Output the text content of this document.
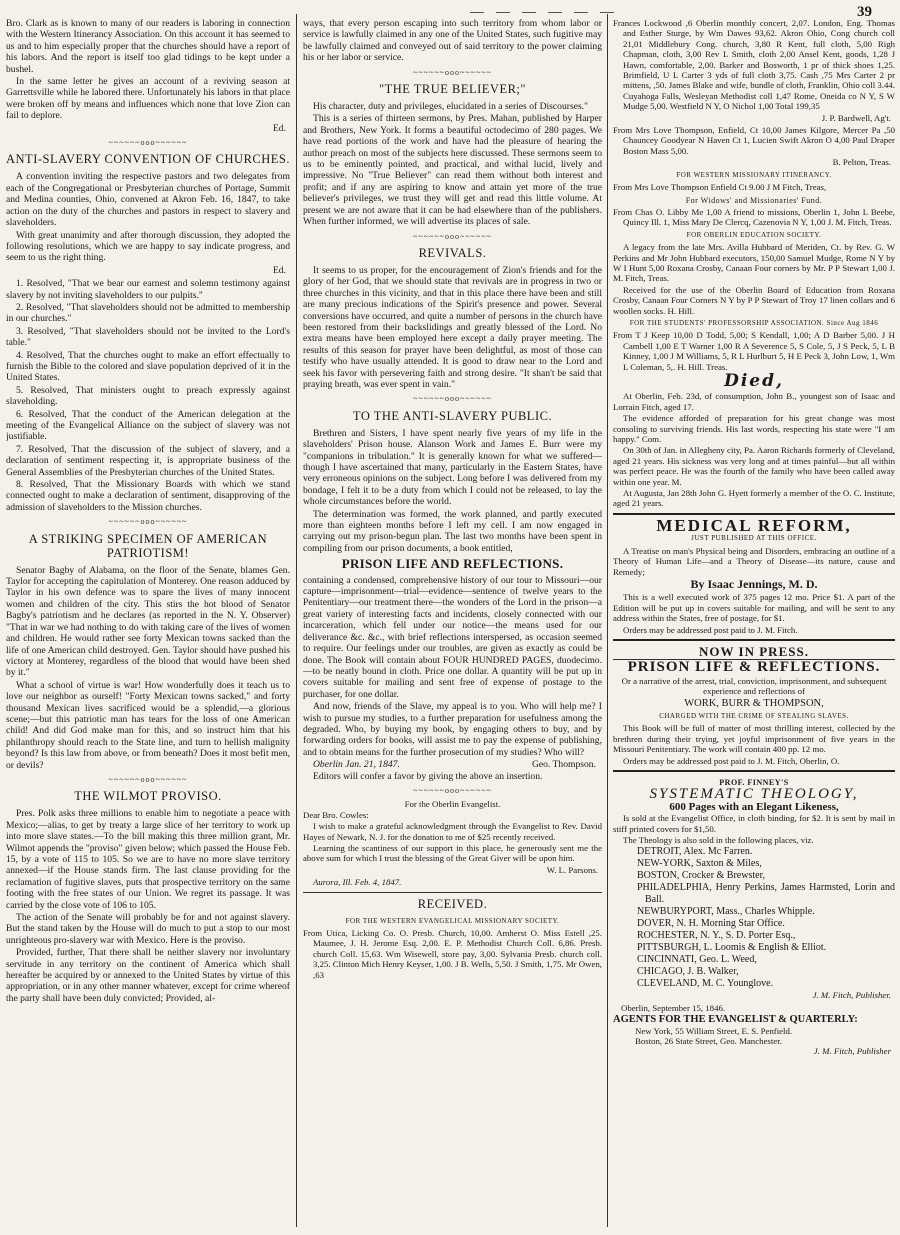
39

Bro. Clark as is known to many of our readers is laboring in connection with the Western Itinerancy Association. On this account it has seemed to us and to him especially proper that the churches should have a report of his labors. And the report is itself too glad tidings to be kept under a bushel.

In the same letter he gives an account of a reviving season at Garrettsville while he labored there. Unfortunately his labors in that place were broken off by means and influences which none that love Zion can fail to deplore.

Ed.
~~~~~~ooo~~~~~~
ANTI-SLAVERY CONVENTION OF CHURCHES.

A convention inviting the respective pastors and two delegates from each of the Congregational or Presbyterian churches of Portage, Summit and Medina counties, Ohio, convened at Akron Feb. 16, 1847, to take action on the duty of the churches and pastors in respect to slavery and slaveholders.

With great unanimity and after thorough discussion, they adopted the following resolutions, which we are happy to say indicate progress, and seem to us the right thing.

Ed.

1. Resolved, "That we bear our earnest and solemn testimony against slavery by not inviting slaveholders to our pulpits."

2. Resolved, "That slaveholders should not be admitted to membership in our churches."

3. Resolved, "That slaveholders should not be invited to the Lord's table."

4. Resolved, That the churches ought to make an effort effectually to furnish the Bible to the colored and slave population deprived of it in the United States.

5. Resolved, That ministers ought to preach expressly against slaveholding.

6. Resolved, That the conduct of the American delegation at the meeting of the Evangelical Alliance on the subject of slavery was not justifiable.

7. Resolved, That the discussion of the subject of slavery, and a declaration of sentiment respecting it, is appropriate business of the General Assemblies of the Presbyterian churches of the United States.

8. Resolved, That the Missionary Boards with which we stand connected ought to make a declaration of sentiment, disapproving of the admission of slaveholders to the Mission churches.

~~~~~~ooo~~~~~~
A STRIKING SPECIMEN OF AMERICAN PATRIOTISM!

Senator Bagby of Alabama, on the floor of the Senate, blames Gen. Taylor for accepting the capitulation of Monterey. One reason adduced by Taylor in his own defence was to spare the lives of many innocent women and children of the city. This stirs the hot blood of Senator Bagby's patriotism and he declares (as reported in the N. Y. Observer) "That in war we had nothing to do with taking care of the lives of women and children. He would rather see forty Mexican towns sacked than the life of one American child destroyed. Gen. Taylor should have pushed his victory at Monterey, regardless of the blood that would have been shed by it."

What a school of virtue is war! How wonderfully does it teach us to love our neighbor as ourself! "Forty Mexican towns sacked," and forty thousand Mexican lives sacrificed would be a splendid,—a glorious scene;—but this patriotic man has tears for the loss of one American child! And did God make man for this, and so instruct him that his philanthropy should reach to the State line, and turn to hellish malignity beyond? Is this law from above, or from beneath? Does it most befit men, or devils?

~~~~~~ooo~~~~~~
THE WILMOT PROVISO.

Pres. Polk asks three millions to enable him to negotiate a peace with Mexico;—alias, to get by treaty a large slice of her territory to work up into more slave states.—To the bill making this three million grant, Mr. Wilmot appends the "proviso" given below; which passed the House Feb. 15, by a vote of 115 to 105. So we are to have no more slave territory annexed—if the House stands firm. The last clause providing for the reclamation of fugitive slaves, puts that prospective territory on the same footing with the free states of our Union. We regret its passage. It was carried by the close vote of 106 to 105.

The action of the Senate will probably be for and not against slavery. But the stand taken by the House will do much to put a stop to our most unrighteous pro-slavery war with Mexico. Here is the proviso.

Provided, further, That there shall be neither slavery nor involuntary servitude in any territory on the continent of America which shall hereafter be acquired by or annexed to the United States by virtue of this appropriation, or in any other manner whatever, except for crime whereof the party shall have been duly convicted; Provided, al-

ways, that every person escaping into such territory from whom labor or service is lawfully claimed in any one of the United States, such fugitive may be lawfully claimed and conveyed out of said territory to the power claiming his or her labor or service.

~~~~~~ooo~~~~~~
"THE TRUE BELIEVER;"

His character, duty and privileges, elucidated in a series of Discourses."

This is a series of thirteen sermons, by Pres. Mahan, published by Harper and Brothers, New York. It forms a beautiful octodecimo of 280 pages. We have read portions of the work and have had the pleasure of hearing the author preach on most of the subjects here discussed. These sermons seem to us to be eminently pointed, and practical, and withal lucid, lively and impressive. No "True Believer" can read them without both interest and profit; and if any are aspiring to know and attain yet more of the true believer's privileges, we trust they will get and read this little volume. At present we are not aware that it can be had elsewhere than of the publishers. When further informed, we will advertise its places of sale.

~~~~~~ooo~~~~~~
REVIVALS.

It seems to us proper, for the encouragement of Zion's friends and for the glory of her God, that we should state that revivals are in progress in two or three churches in this vicinity, and that in this place there have been and still are many precious indications of the Spirit's presence and power. Several conversions have occurred, and quite a number of persons in the church have been restored from their backslidings and greatly blessed of the Lord. No extra means have been employed here except a daily prayer meeting. The results of this season for prayer have been delightful, as most of those can testify who have usually attended. It is good to draw near to the Lord and seek his favor with persevering faith and strong desire. "It shan't be said that praying breath, was ever spent in vain."

~~~~~~ooo~~~~~~
TO THE ANTI-SLAVERY PUBLIC.

Brethren and Sisters, I have spent nearly five years of my life in the slaveholders' Prison house. Alanson Work and James E. Burr were my "companions in tribulation." It is generally known for what we suffered—though I have ascertained that many, particularly in the Eastern States, have very erroneous opinions on the subject. Long before I was delivered from my bondage, I felt it to be a duty from which I could not be released, to lay the whole circumstances before the world.

The determination was formed, the work planned, and partly executed more than eighteen months before I left my cell. I am now engaged in carrying out my prison-begun plan. The last two months have been spent in compiling from our prison documents, a book entitled,

PRISON LIFE AND REFLECTIONS.

containing a condensed, comprehensive history of our tour to Missouri—our capture—imprisonment—trial—evidence—sentence of twelve years to the Penitentiary—our treatment there—the wonders of the Lord in the prison—a great variety of interesting facts and incidents, closely connected with our incarceration, which fell under our notice—the means used for our deliverance &c. &c., with brief reflections interspersed, as occasion seemed to require. Our feelings under our troubles, are given as exactly as could be done. The Book will contain about FOUR HUNDRED PAGES, duodecimo.—to be neatly bound in cloth. Price one dollar. A quantity will be put up in covers suitable for mailing and sent free of expense of postage to the purchaser, for one dollar.

And now, friends of the Slave, my appeal is to you. Who will help me? I wish to pursue my studies, to a further preparation for usefulness among the degraded. Who, by buying my book, by engaging others to buy, and by forwarding orders for books, will assist me to pay the expense of publishing, and to obtain means for the further prosecution of my studies? Who will?

Oberlin Jan. 21, 1847.	Geo. Thompson.

Editors will confer a favor by giving the above an insertion.

~~~~~~ooo~~~~~~
For the Oberlin Evangelist.

Dear Bro. Cowles:

I wish to make a grateful acknowledgment through the Evangelist to Rev. David Hayes of Newark, N. J. for the donation to me of $25 recently received.

Learning the scantiness of our support in this place, he generously sent me the above sum for which I trust the blessing of the Great Giver will be upon him.

W. L. Parsons.
Aurora, Ill. Feb. 4, 1847.
RECEIVED.
FOR THE WESTERN EVANGELICAL MISSIONARY SOCIETY.

From Utica, Licking Co. O. Presb. Church, 10,00. Amherst O. Miss Estell ,25. Maumee, J. H. Jerome Esq. 2,00. E. P. Methodist Church Coll. 6,86. Presb. church Coll. 15,63. Wm Wisewell, store pay, 3,00. Sylvania Presb. church coll. 3,25. Clinton Mich Henry Keyser, 1,00. J B. Wells, 5,50. J Smith, 1,75. Mr Owen, ,63

Frances Lockwood ,6 Oberlin monthly concert, 2,07. London, Eng. Thomas and Esther Sturge, by Wm Dawes 93,62. Akron Ohio, Cong church coll 21,01 Middlebury Cong. church, 3,80 R Kent, full cloth, 5,00 Righ Chapman, cloth, 3,00 Rev L Smith, cloth 2,00 Ansel Kent, goods, 1,28 J Hawn, comfortable, 2,00. Barker and Bosworth, 1 pr of thick shoes 1,25. Brimfield, U L Carter 3 yds of full cloth 3,75. Cash ,75 Mrs Carter 2 pr mittens, ,50. James Blake and wife, bundle of cloth, Franklin, Ohio coll 3.44. Cuyahoga Falls, Wesleyan Methodist coll 1,47 Rome, Oneida co N Y, S W Mudge 5,00. Westfield N Y, O Nichol 1,00 Total 199,35

J. P. Bardwell, Ag't.

From Mrs Love Thompson, Enfield, Ct 10,00 James Kilgore, Mercer Pa ,50 Chauncey Goodyear N Haven Ct 1, Lucien Swift Akron O 4,00 Paul Draper Boston Mass 5,00.

B. Pelton, Treas.
FOR WESTERN MISSIONARY ITINERANCY.

From Mrs Love Thompson Enfield Ct 9.00 J M Fitch, Treas,

For Widows' and Missionaries' Fund.

From Chas O. Libby Me 1,00 A friend to missions, Oberlin 1, John L Beebe, Quincy Ill. 1, Miss Mary De Clercq, Cazenovia N Y, 1,00 J. M. Fitch, Treas.

FOR OBERLIN EDUCATION SOCIETY.

A legacy from the late Mrs. Avilla Hubbard of Meriden, Ct. by Rev. G. W Perkins and Mr John Hubbard executors, 150,00 Samuel Mudge, Rome N Y by W I Hunt 5,00 Roxana Crosby, Canaan Four corners by Mr. P P Stewart 1,00 J. M. Fitch, Treas.

Received for the use of the Oberlin Board of Education from Roxana Crosby, Canaan Four Corners N Y by P P Stewart of Troy 17 linen collars and 6 woollen socks. H. Hill.

FOR THE STUDENTS' PROFESSORSHIP ASSOCIATION. Since Aug 1846

From T J Keep 10,00 D Todd, 5,00; S Kendall, 1,00; A D Barber 5,00. J H Cambell 1,00 E T Warner 1,00 R A Severence 5, S Cole, 5, J S Peck, 5, L B Kinney, 1,00 J M Williams, 5, R L Hurlburt 5, H E Peck 3, John Low, 1, Wm L Coleman, 5,. H. Hill. Treas.

Died,

At Oberlin, Feb. 23d, of consumption, John B., youngest son of Isaac and Lorrain Fitch, aged 17.

The evidence afforded of preparation for his great change was most consoling to surviving friends. His last words, respecting his state were "I am happy." Com.

On 30th of Jan. in Allegheny city, Pa. Aaron Richards formerly of Cleveland, aged 21 years. His sickness was very long and at times painful—but all within was perfect peace. He was the fourth of the family who have been called away within one year. M.

At Augusta, Jan 28th John G. Hyett formerly a member of the O. C. Institute, aged 21 years.

MEDICAL REFORM,
JUST PUBLISHED AT THIS OFFICE.

A Treatise on man's Physical being and Disorders, embracing an outline of a Theory of Human Life—and a Theory of Disease—its nature, cause and Remedy;

By Isaac Jennings, M. D.

This is a well executed work of 375 pages 12 mo. Price $1. A part of the Edition will be put up in covers suitable for mailing, and will be sent to any address within the States, free of postage, for $1.

Orders may be addressed post paid to J. M. Fitch.

NOW IN PRESS.
PRISON LIFE & REFLECTIONS.
Or a narrative of the arrest, trial, conviction, imprisonment, and subsequent experience and reflections of
WORK, BURR & THOMPSON,
CHARGED WITH THE CRIME OF STEALING SLAVES.

This Book will be full of matter of most thrilling interest, collected by the brethren during their trying, yet joyful imprisonment of five years in the Missouri Penitentiary. The work will contain 400 pp. 12 mo.

Orders may be addressed post paid to J. M. Fitch, Oberlin, O.

PROF. FINNEY'S
SYSTEMATIC THEOLOGY,
600 Pages with an Elegant Likeness,

Is sold at the Evangelist Office, in cloth binding, for $2. It is sent by mail in stiff printed covers for $1,50.

The Theology is also sold in the following places, viz.

DETROIT, Alex. Mc Farren.
NEW-YORK, Saxton & Miles,
BOSTON, Crocker & Brewster,
PHILADELPHIA, Henry Perkins, James Harmsted, Lorin and Ball.
NEWBURYPORT, Mass., Charles Whipple.
DOVER, N. H. Morning Star Office.
ROCHESTER, N. Y., S. D. Porter Esq.,
PITTSBURGH, L. Loomis & English & Elliot.
CINCINNATI, Geo. L. Weed,
CHICAGO, J. B. Walker,
CLEVELAND, M. C. Younglove.
J. M. Fitch, Publisher.
Oberlin, September 15, 1846.
AGENTS FOR THE EVANGELIST & QUARTERLY:
New York, 55 William Street, E. S. Penfield.
Boston, 26 State Street, Geo. Manchester.
J. M. Fitch, Publisher
